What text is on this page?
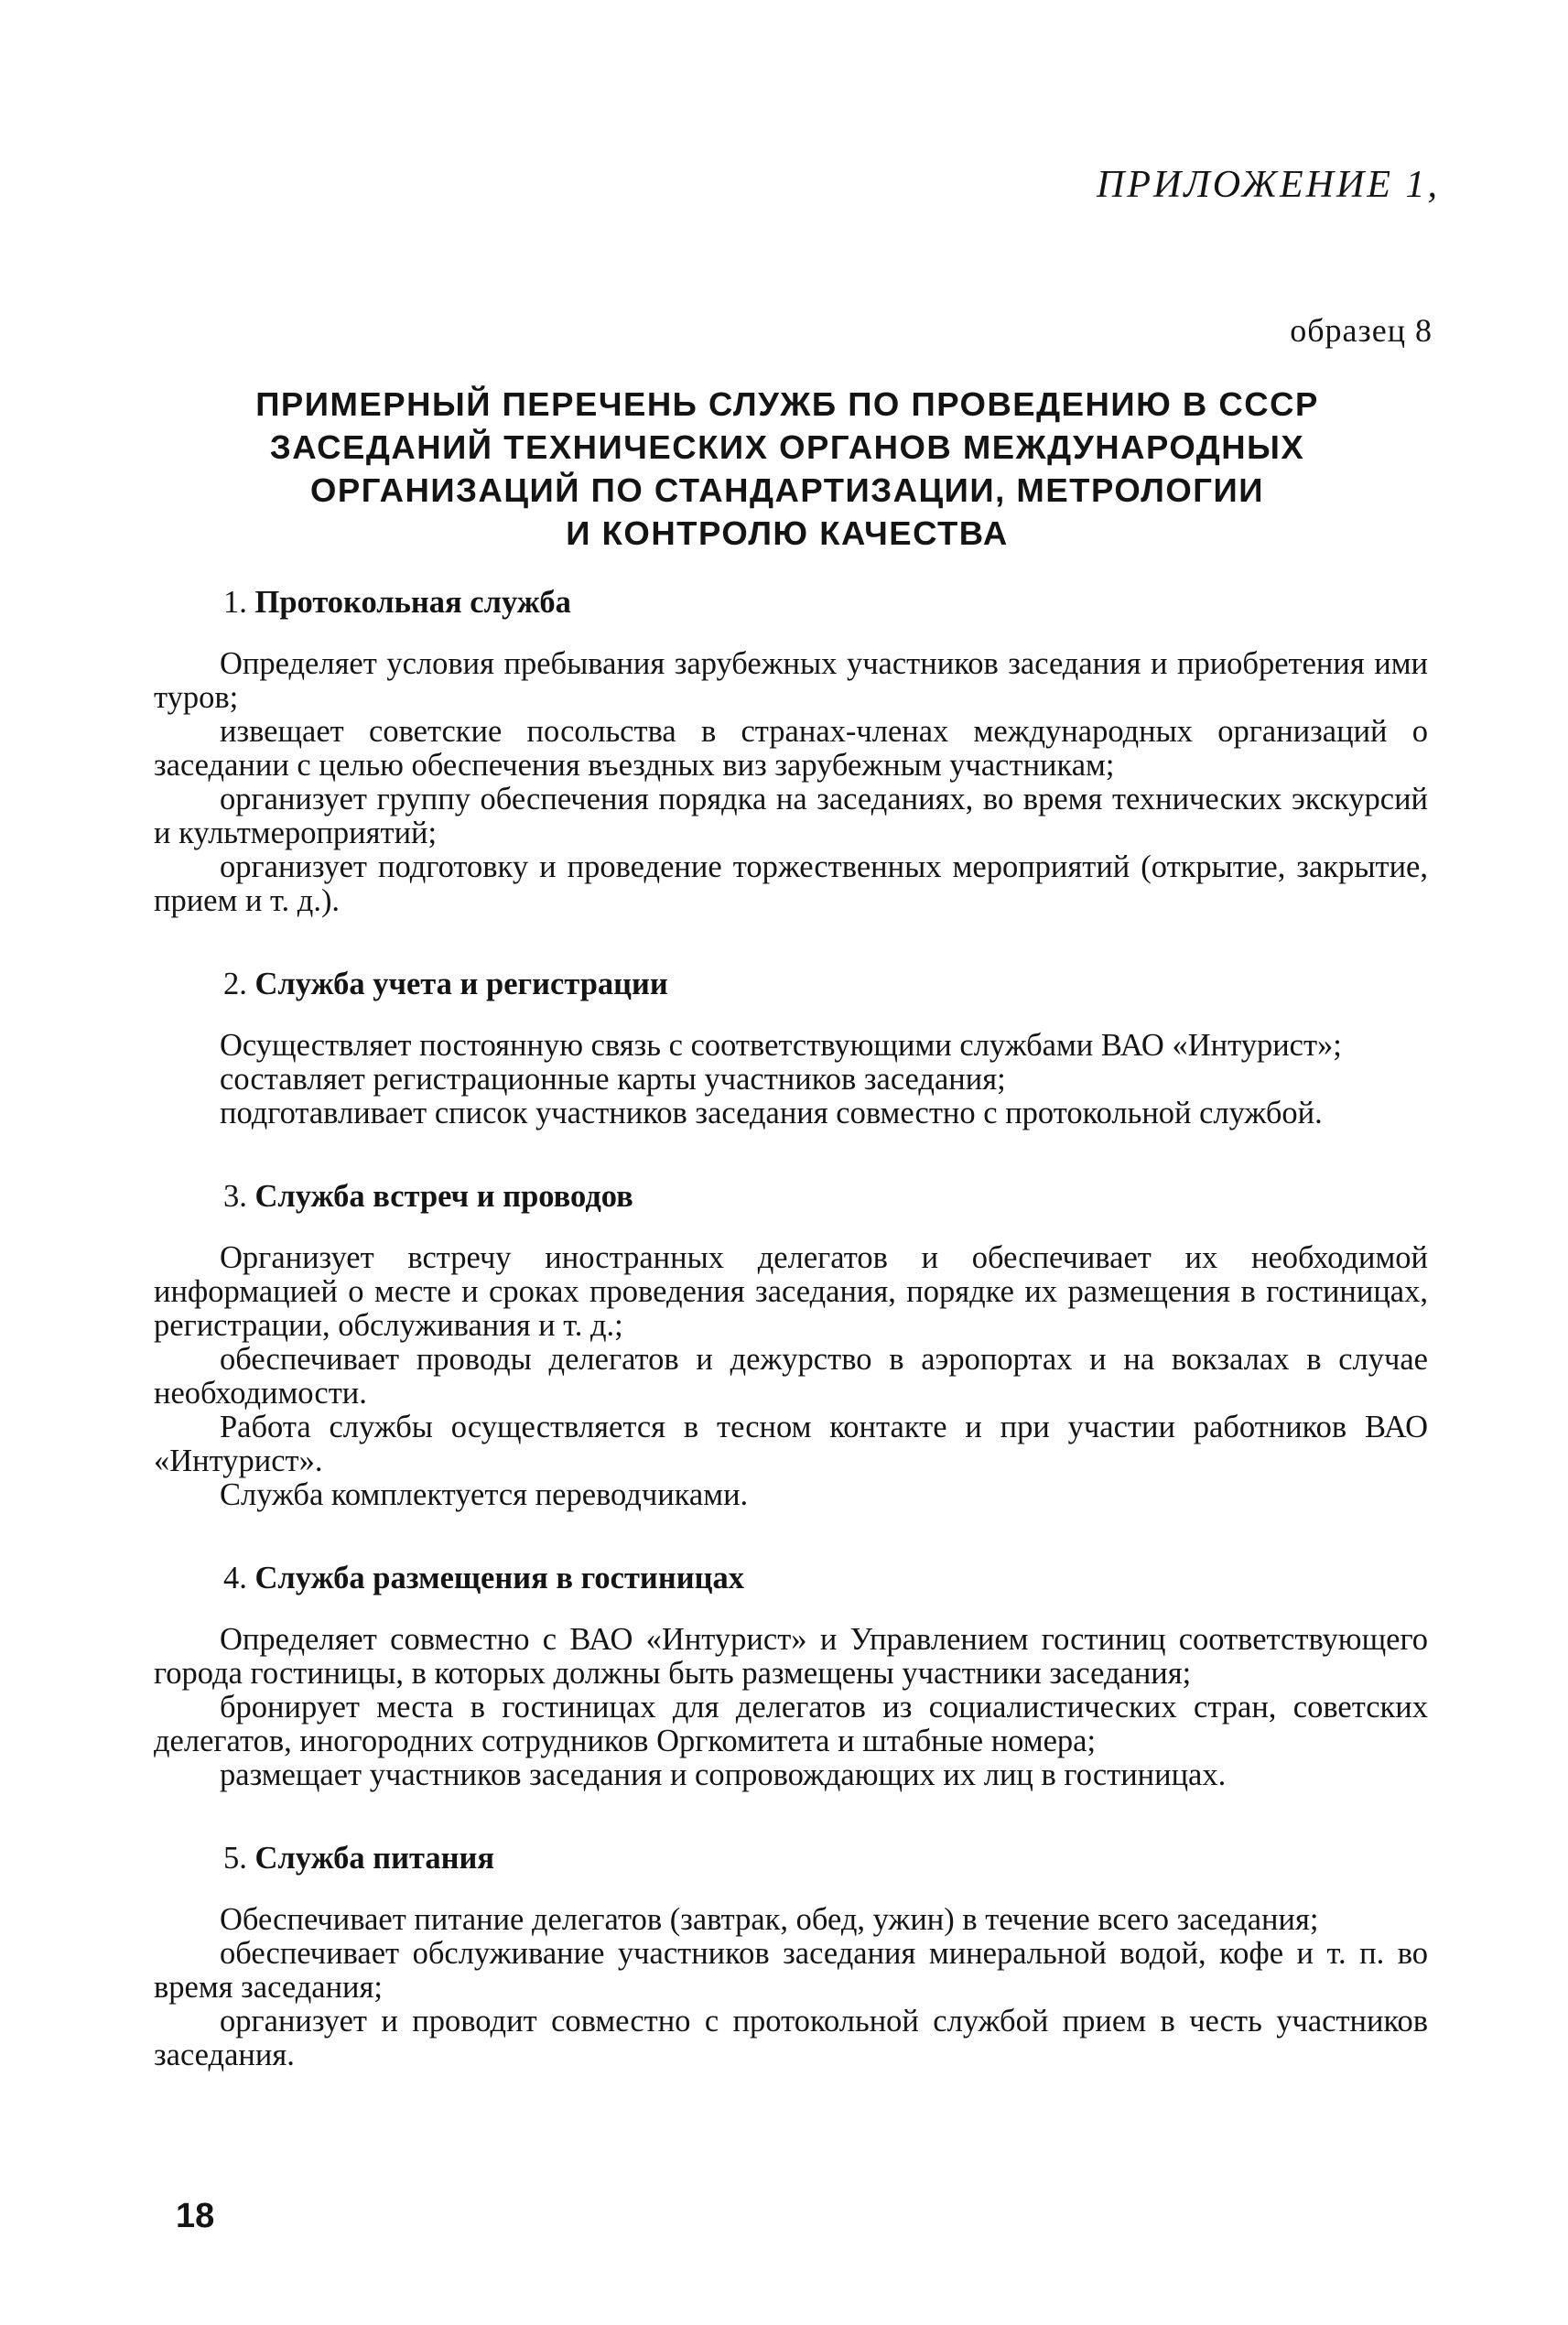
ПРИЛОЖЕНИЕ 1,
образец 8
ПРИМЕРНЫЙ ПЕРЕЧЕНЬ СЛУЖБ ПО ПРОВЕДЕНИЮ В СССР
ЗАСЕДАНИЙ ТЕХНИЧЕСКИХ ОРГАНОВ МЕЖДУНАРОДНЫХ
ОРГАНИЗАЦИЙ ПО СТАНДАРТИЗАЦИИ, МЕТРОЛОГИИ
И КОНТРОЛЮ КАЧЕСТВА
1. Протокольная служба

Определяет условия пребывания зарубежных участников заседания и приобретения ими туров;

извещает советские посольства в странах-членах международных организаций о заседании с целью обеспечения въездных виз зарубежным участникам;

организует группу обеспечения порядка на заседаниях, во время технических экскурсий и культмероприятий;

организует подготовку и проведение торжественных мероприятий (открытие, закрытие, прием и т. д.).

2. Служба учета и регистрации

Осуществляет постоянную связь с соответствующими службами ВАО «Интурист»;

составляет регистрационные карты участников заседания;

подготавливает список участников заседания совместно с протокольной службой.

3. Служба встреч и проводов

Организует встречу иностранных делегатов и обеспечивает их необходимой информацией о месте и сроках проведения заседания, порядке их размещения в гостиницах, регистрации, обслуживания и т. д.;

обеспечивает проводы делегатов и дежурство в аэропортах и на вокзалах в случае необходимости.

Работа службы осуществляется в тесном контакте и при участии работников ВАО «Интурист».

Служба комплектуется переводчиками.

4. Служба размещения в гостиницах

Определяет совместно с ВАО «Интурист» и Управлением гостиниц соответствующего города гостиницы, в которых должны быть размещены участники заседания;

бронирует места в гостиницах для делегатов из социалистических стран, советских делегатов, иногородних сотрудников Оргкомитета и штабные номера;

размещает участников заседания и сопровождающих их лиц в гостиницах.

5. Служба питания

Обеспечивает питание делегатов (завтрак, обед, ужин) в течение всего заседания;

обеспечивает обслуживание участников заседания минеральной водой, кофе и т. п. во время заседания;

организует и проводит совместно с протокольной службой прием в честь участников заседания.

18
